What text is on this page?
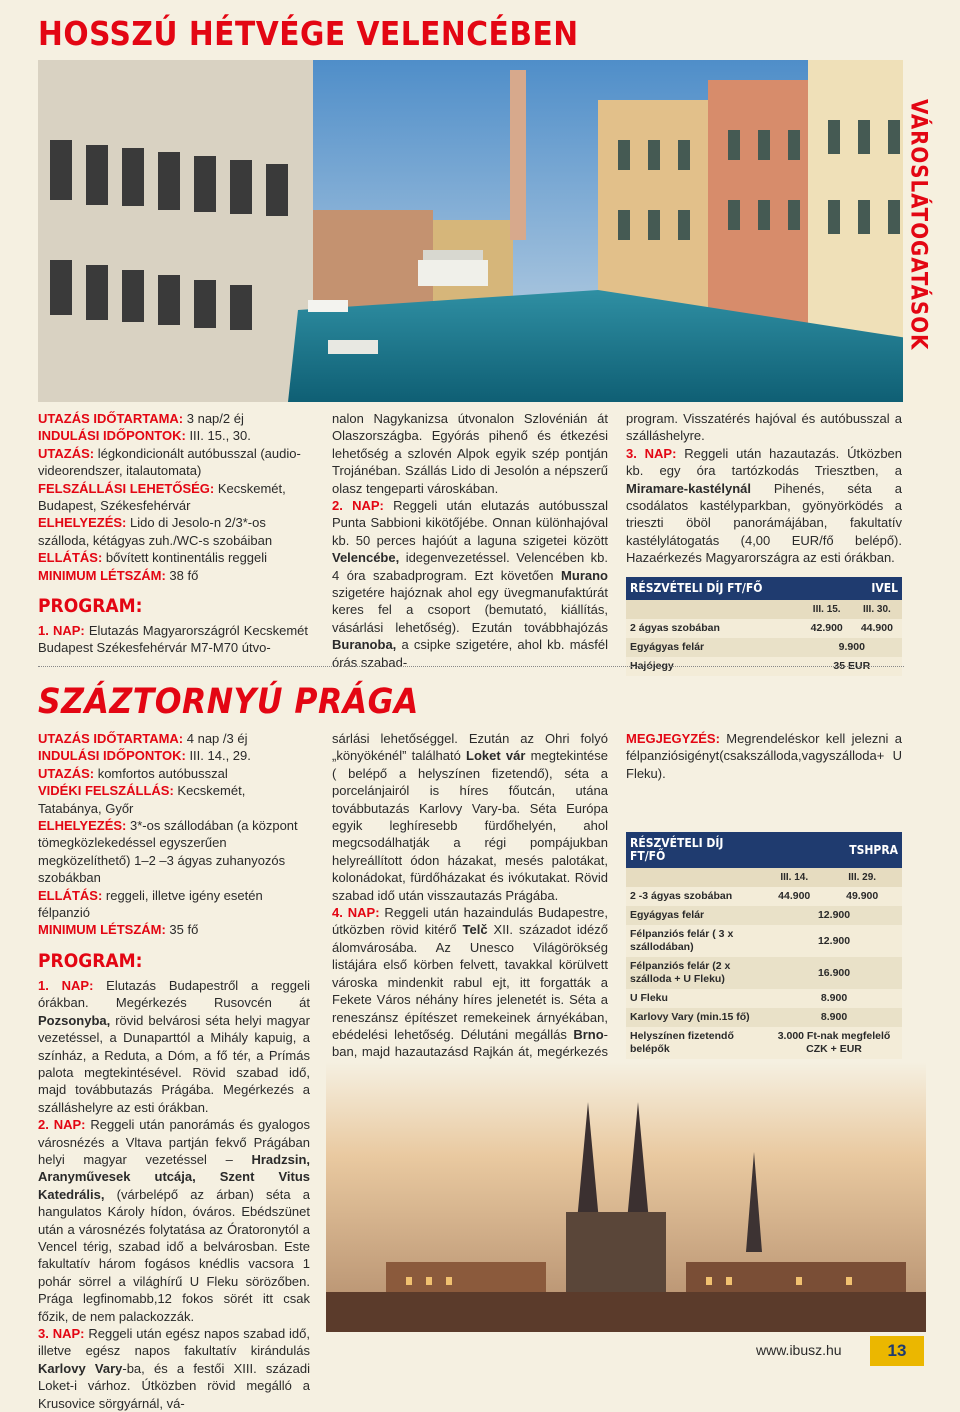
HOSSZÚ HÉTVÉGE VELENCÉBEN
VÁROSLÁTOGATÁSOK

UTAZÁS IDŐTARTAMA: 3 nap/2 éj

INDULÁSI IDŐPONTOK: III. 15., 30.

UTAZÁS: légkondicionált autóbusszal (audio-videorendszer, italautomata)

FELSZÁLLÁSI LEHETŐSÉG: Kecskemét, Budapest, Székesfehérvár

ELHELYEZÉS: Lido di Jesolo-n 2/3*-os szálloda, kétágyas zuh./WC-s szobáiban

ELLÁTÁS: bővített kontinentális reggeli

MINIMUM LÉTSZÁM: 38 fő

PROGRAM:

1. NAP: Elutazás Magyarországról Kecskemét Budapest Székesfehérvár M7-M70 útvo-

nalon Nagykanizsa útvonalon Szlovénián át Olaszországba. Egyórás pihenő és étkezési lehetőség a szlovén Alpok egyik szép pontján Trojánéban. Szállás Lido di Jesolón a népszerű olasz tengeparti városkában.

2. NAP: Reggeli után elutazás autóbusszal Punta Sabbioni kikötőjébe. Onnan különhajóval kb. 50 perces hajóút a laguna szigetei között Velencébe, idegenvezetéssel. Velencében kb. 4 óra szabadprogram. Ezt követően Murano szigetére hajóznak ahol egy üvegmanufaktúrát keres fel a csoport (bemutató, kiállítás, vásárlási lehetőség). Ezután továbbhajózás Buranoba, a csipke szigetére, ahol kb. másfél órás szabad-

program. Visszatérés hajóval és autóbusszal a szálláshelyre.

3. NAP: Reggeli után hazautazás. Útközben kb. egy óra tartózkodás Triesztben, a Miramare-kastélynál Pihenés, séta a csodálatos kastélyparkban, gyönyörködés a trieszti öböl panorámájában, fakultatív kastélylátogatás (4,00 EUR/fő belépő). Hazaérkezés Magyarországra az esti órákban.

RÉSZVÉTELI DÍJ FT/FŐ		IVEL
	III. 15.	III. 30.
2 ágyas szobában	42.900	44.900
Egyágyas felár	9.900	
Hajójegy	35 EUR	
SZÁZTORNYÚ PRÁGA

UTAZÁS IDŐTARTAMA: 4 nap /3 éj

INDULÁSI IDŐPONTOK: III. 14., 29.

UTAZÁS: komfortos autóbusszal

VIDÉKI FELSZÁLLÁS: Kecskemét, Tatabánya, Győr

ELHELYEZÉS: 3*-os szállodában (a központ tömegközlekedéssel egyszerűen megközelíthető) 1–2 –3 ágyas zuhanyozós szobákban

ELLÁTÁS: reggeli, illetve igény esetén félpanzió

MINIMUM LÉTSZÁM: 35 fő

PROGRAM:

1. NAP: Elutazás Budapestről a reggeli órákban. Megérkezés Rusovcén át Pozsonyba, rövid belvárosi séta helyi magyar vezetéssel, a Dunaparttól a Mihály kapuig, a színház, a Reduta, a Dóm, a fő tér, a Prímás palota megtekintésével. Rövid szabad idő, majd továbbutazás Prágába. Megérkezés a szálláshelyre az esti órákban.

2. NAP: Reggeli után panorámás és gyalogos városnézés a Vltava partján fekvő Prágában helyi magyar vezetéssel – Hradzsin, Aranyművesek utcája, Szent Vitus Katedrális, (várbelépő az árban) séta a hangulatos Károly hídon, óváros. Ebédszünet után a városnézés folytatása az Óratoronytól a Vencel térig, szabad idő a belvárosban. Este fakultatív három fogásos knédlis vacsora 1 pohár sörrel a világhírű U Fleku sörözőben. Prága legfinomabb,12 fokos sörét itt csak főzik, de nem palackozzák.

3. NAP: Reggeli után egész napos szabad idő, illetve egész napos fakultatív kirándulás Karlovy Vary-ba, és a festői XIII. századi Loket-i várhoz. Útközben rövid megálló a Krusovice sörgyárnál, vá-

sárlási lehetőséggel. Ezután az Ohri folyó „könyökénél” található Loket vár megtekintése ( belépő a helyszínen fizetendő), séta a porcelánjairól is híres főutcán, utána továbbutazás Karlovy Vary-ba. Séta Európa egyik leghíresebb fürdőhelyén, ahol megcsodálhatják a régi pompájukban helyreállított ódon házakat, mesés palotákat, kolonádokat, fürdőházakat és ivókutakat. Rövid szabad idő után visszautazás Prágába.

4. NAP: Reggeli után hazaindulás Budapestre, útközben rövid kitérő Telč XII. századot idéző álomvárosába. Az Unesco Világörökség listájára első körben felvett, tavakkal körülvett városka mindenkit rabul ejt, itt forgatták a Fekete Város néhány híres jelenetét is. Séta a reneszánsz építészet remekeinek árnyékában, ebédelési lehetőség. Délutáni megállás Brno-ban, majd hazautazásd Rajkán át, megérkezés

MEGJEGYZÉS: Megrendeléskor kell jelezni a félpanziósigényt(csakszálloda,vagyszálloda+ U Fleku).

RÉSZVÉTELI DÍJ FT/FŐ		TSHPRA
	III. 14.	III. 29.
2 -3 ágyas szobában	44.900	49.900
Egyágyas felár	12.900	
Félpanziós felár ( 3 x szállodában)	12.900	
Félpanziós felár (2 x szálloda + U Fleku)	16.900	
U Fleku	8.900	
Karlovy Vary (min.15 fő)	8.900	
Helyszínen fizetendő belépők	3.000 Ft-nak megfelelő CZK + EUR	
www.ibusz.hu	13
